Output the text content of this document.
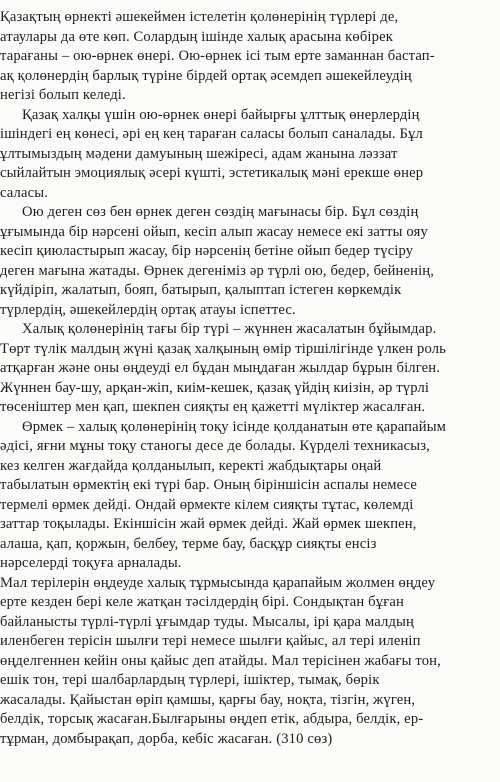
Қазақтың өрнекті әшекеймен істелетін қолөнерінің түрлері де,
атаулары да өте көп. Солардың ішінде халық арасына көбірек
тарағаны – ою-өрнек өнері. Ою-өрнек ісі тым ерте заманнан бастап-
ақ қолөнердің барлық түріне бірдей ортақ әсемдеп әшекейлеудің
негізі болып келеді.
Қазақ халқы үшін ою-өрнек өнері байырғы ұлттық өнерлердің
ішіндегі ең көнесі, әрі ең кең тараған саласы болып саналады. Бұл
ұлтымыздың мәдени дамуының шежіресі, адам жанына ләззат
сыйлайтын эмоциялық әсері күшті, эстетикалық мәні ерекше өнер
саласы.
Ою деген сөз бен өрнек деген сөздің мағынасы бір. Бұл сөздің
ұғымында бір нәрсені ойып, кесіп алып жасау немесе екі затты ояу
кесіп қиюластырып жасау, бір нәрсенің бетіне ойып бедер түсіру
деген мағына жатады. Өрнек дегеніміз әр түрлі ою, бедер, бейненің,
күйдіріп, жалатып, бояп, батырып, қалыптап істеген көркемдік
түрлердің, әшекейлердің ортақ атауы іспеттес.
Халық қолөнерінің тағы бір түрі – жүннен жасалатын бұйымдар.
Төрт түлік малдың жүні қазақ халқының өмір тіршілігінде үлкен роль
атқарған және оны өңдеуді ел бұдан мыңдаған жылдар бұрын білген.
Жүннен бау-шу, арқан-жіп, киім-кешек, қазақ үйдің киізін, әр түрлі
төсеніштер мен қап, шекпен сияқты ең қажетті мүліктер жасалған.
Өрмек – халық қолөнерінің тоқу ісінде қолданатын өте қарапайым
әдісі, яғни мұны тоқу станогы десе де болады. Күрделі техникасыз,
кез келген жағдайда қолданылып, керекті жабдықтары оңай
табылатын өрмектің екі түрі бар. Оның біріншісін аспалы немесе
термелі өрмек дейді. Ондай өрмекте кілем сияқты тұтас, көлемді
заттар тоқылады. Екіншісін жай өрмек дейді. Жай өрмек шекпен,
алаша, қап, қоржын, белбеу, терме бау, басқұр сияқты енсіз
нәрселерді тоқуға арналады.
Мал терілерін өңдеуде халық тұрмысында қарапайым жолмен өңдеу
ерте кезден бері келе жатқан тәсілдердің бірі. Сондықтан бұған
байланысты түрлі-түрлі ұғымдар туды. Мысалы, ірі қара малдың
иленбеген терісін шылғи тері немесе шылғи қайыс, ал тері иленіп
өңделгеннен кейін оны қайыс деп атайды. Мал терісінен жабағы тон,
ешік тон, тері шалбарлардың түрлері, ішіктер, тымақ, бөрік
жасалады. Қайыстан өріп қамшы, қарғы бау, ноқта, тізгін, жүген,
белдік, торсық жасаған.Былғарыны өңдеп етік, абдыра, белдік, ер-
тұрман, домбырақап, дорба, кебіс жасаған. (310 сөз)
